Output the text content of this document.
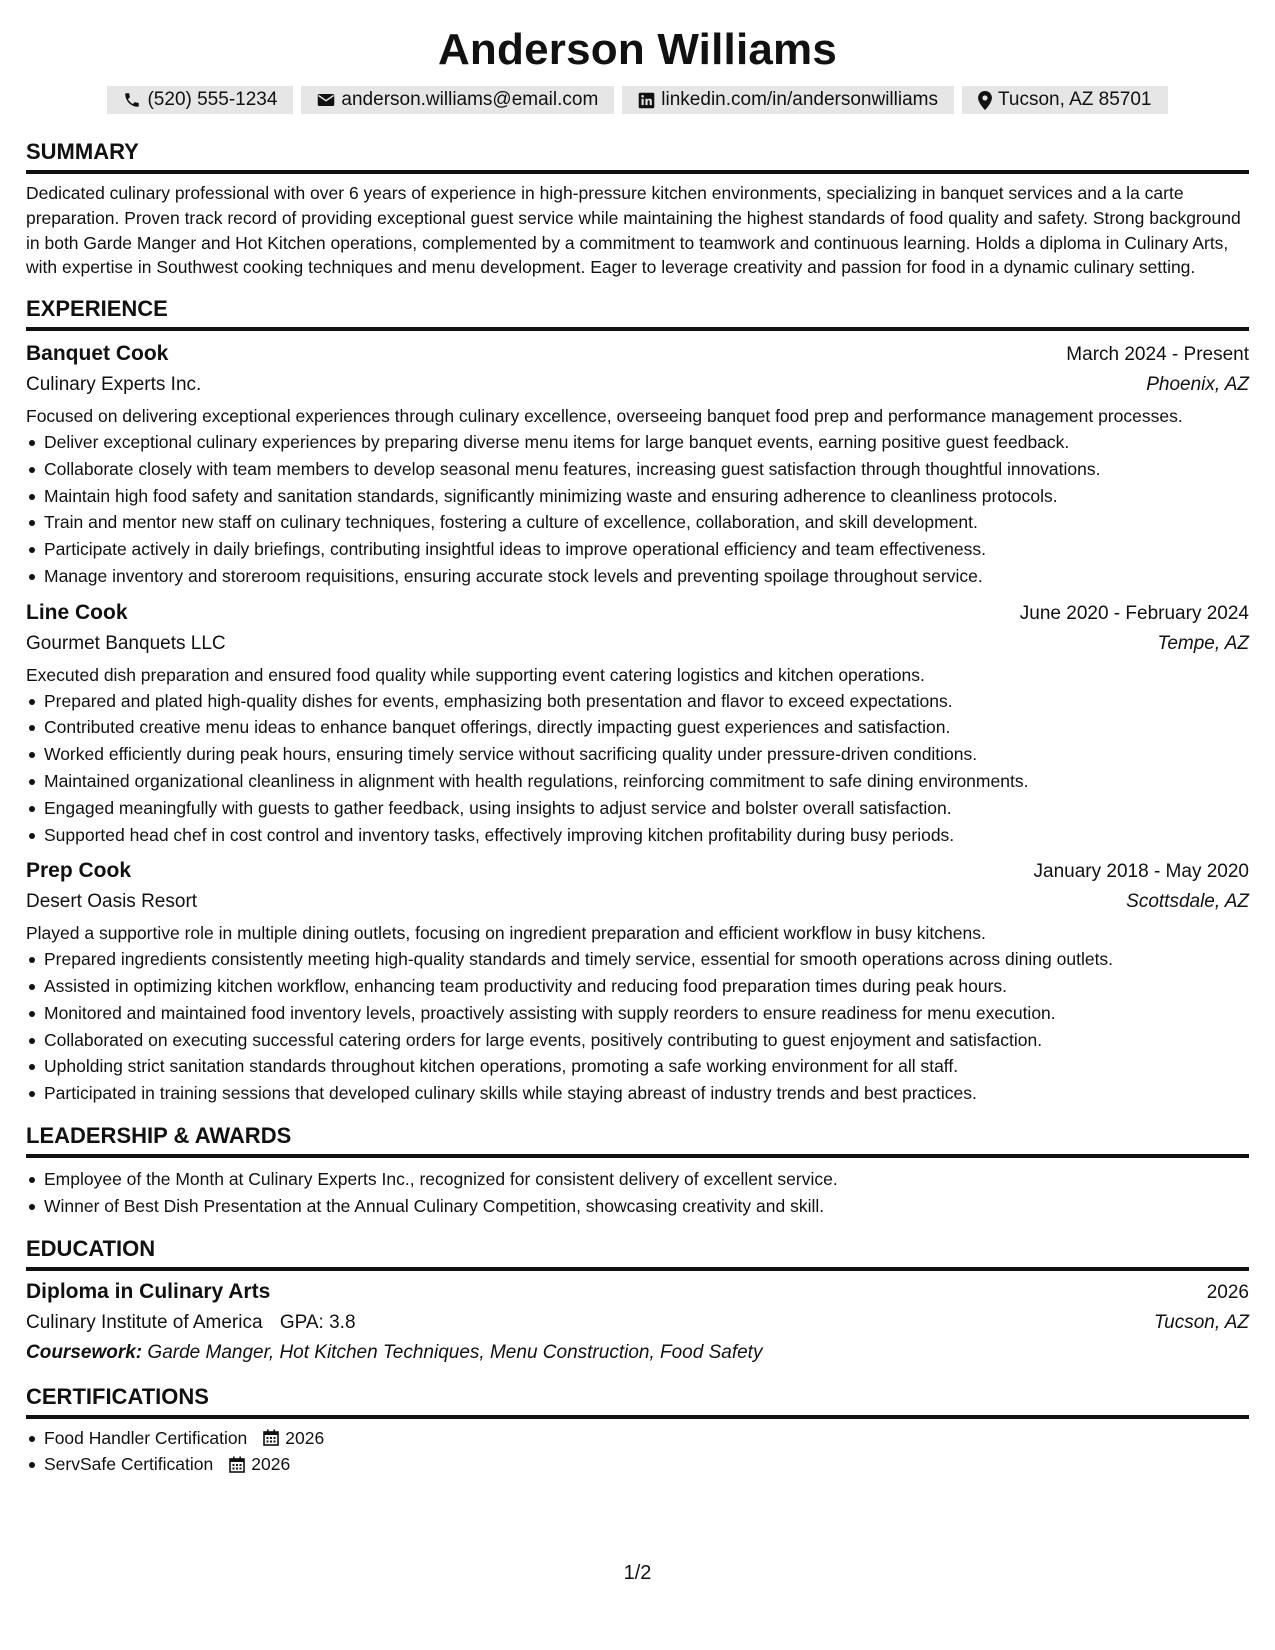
Anderson Williams
(520) 555-1234	anderson.williams@email.com	linkedin.com/in/andersonwilliams	Tucson, AZ 85701
SUMMARY
Dedicated culinary professional with over 6 years of experience in high-pressure kitchen environments, specializing in banquet services and a la carte preparation. Proven track record of providing exceptional guest service while maintaining the highest standards of food quality and safety. Strong background in both Garde Manger and Hot Kitchen operations, complemented by a commitment to teamwork and continuous learning. Holds a diploma in Culinary Arts, with expertise in Southwest cooking techniques and menu development. Eager to leverage creativity and passion for food in a dynamic culinary setting.
EXPERIENCE
Banquet Cook	March 2024 - Present
Culinary Experts Inc.	Phoenix, AZ
Focused on delivering exceptional experiences through culinary excellence, overseeing banquet food prep and performance management processes.
Deliver exceptional culinary experiences by preparing diverse menu items for large banquet events, earning positive guest feedback.
Collaborate closely with team members to develop seasonal menu features, increasing guest satisfaction through thoughtful innovations.
Maintain high food safety and sanitation standards, significantly minimizing waste and ensuring adherence to cleanliness protocols.
Train and mentor new staff on culinary techniques, fostering a culture of excellence, collaboration, and skill development.
Participate actively in daily briefings, contributing insightful ideas to improve operational efficiency and team effectiveness.
Manage inventory and storeroom requisitions, ensuring accurate stock levels and preventing spoilage throughout service.
Line Cook	June 2020 - February 2024
Gourmet Banquets LLC	Tempe, AZ
Executed dish preparation and ensured food quality while supporting event catering logistics and kitchen operations.
Prepared and plated high-quality dishes for events, emphasizing both presentation and flavor to exceed expectations.
Contributed creative menu ideas to enhance banquet offerings, directly impacting guest experiences and satisfaction.
Worked efficiently during peak hours, ensuring timely service without sacrificing quality under pressure-driven conditions.
Maintained organizational cleanliness in alignment with health regulations, reinforcing commitment to safe dining environments.
Engaged meaningfully with guests to gather feedback, using insights to adjust service and bolster overall satisfaction.
Supported head chef in cost control and inventory tasks, effectively improving kitchen profitability during busy periods.
Prep Cook	January 2018 - May 2020
Desert Oasis Resort	Scottsdale, AZ
Played a supportive role in multiple dining outlets, focusing on ingredient preparation and efficient workflow in busy kitchens.
Prepared ingredients consistently meeting high-quality standards and timely service, essential for smooth operations across dining outlets.
Assisted in optimizing kitchen workflow, enhancing team productivity and reducing food preparation times during peak hours.
Monitored and maintained food inventory levels, proactively assisting with supply reorders to ensure readiness for menu execution.
Collaborated on executing successful catering orders for large events, positively contributing to guest enjoyment and satisfaction.
Upholding strict sanitation standards throughout kitchen operations, promoting a safe working environment for all staff.
Participated in training sessions that developed culinary skills while staying abreast of industry trends and best practices.
LEADERSHIP & AWARDS
Employee of the Month at Culinary Experts Inc., recognized for consistent delivery of excellent service.
Winner of Best Dish Presentation at the Annual Culinary Competition, showcasing creativity and skill.
EDUCATION
Diploma in Culinary Arts	2026
Culinary Institute of America GPA: 3.8	Tucson, AZ
Coursework: Garde Manger, Hot Kitchen Techniques, Menu Construction, Food Safety
CERTIFICATIONS
Food Handler Certification 2026
ServSafe Certification 2026
1/2
